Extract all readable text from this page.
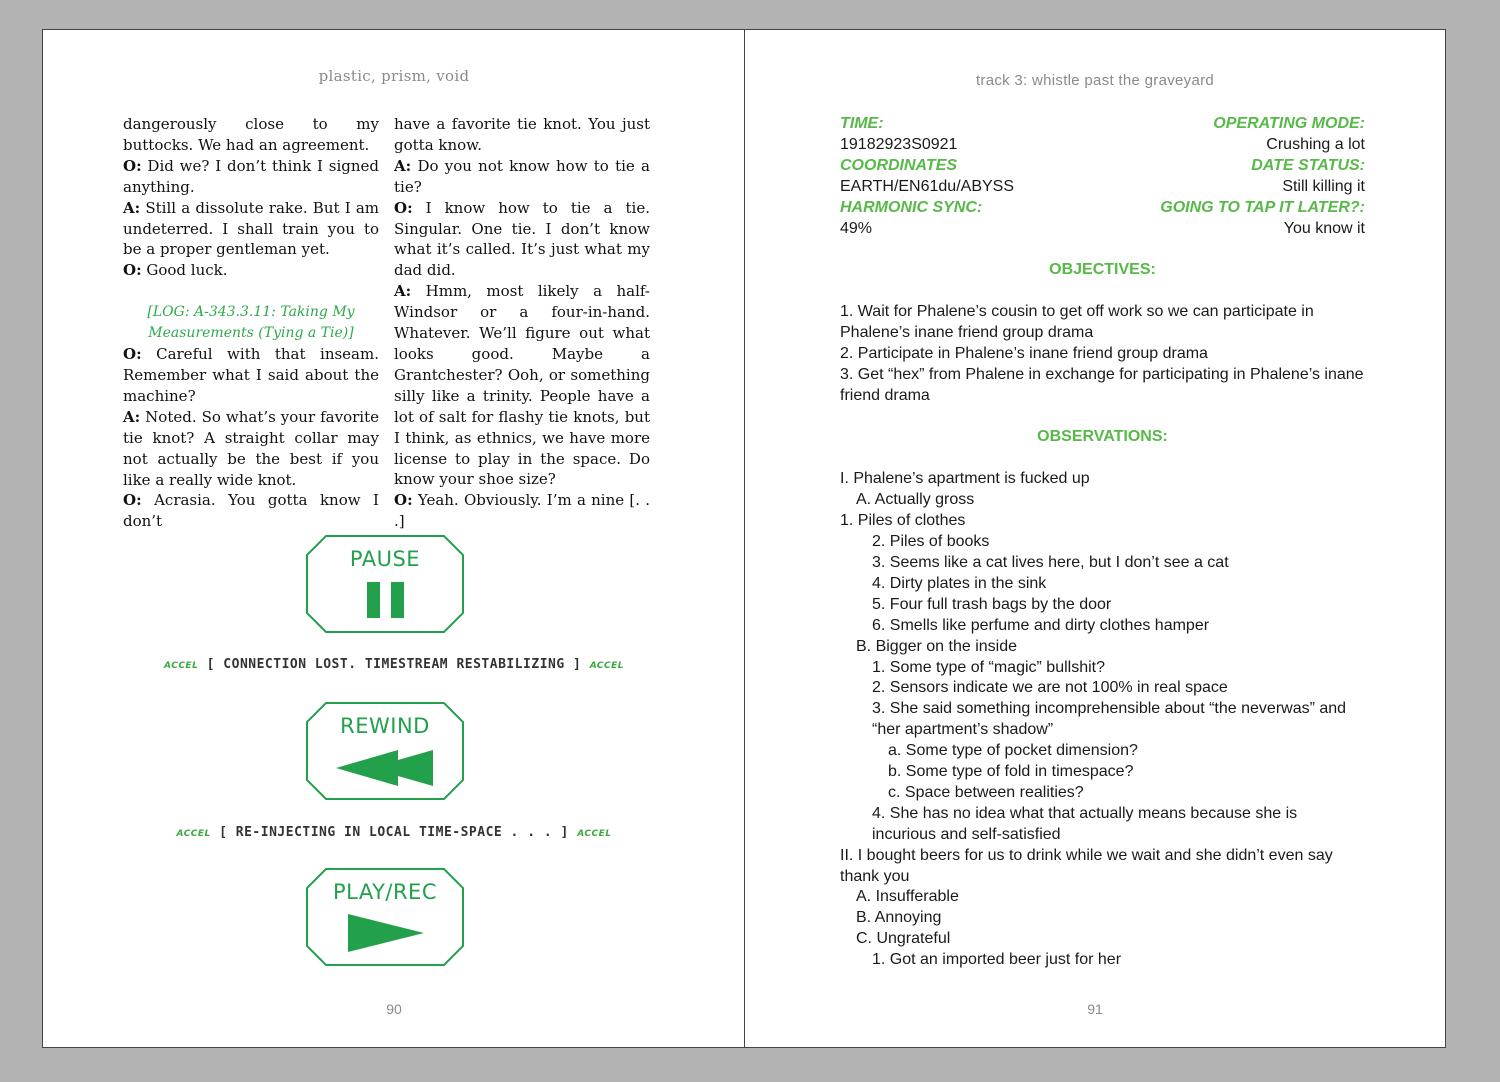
plastic, prism, void

dangerously close to my buttocks. We had an agreement.

O: Did we? I don’t think I signed anything.

A: Still a dissolute rake. But I am undeterred. I shall train you to be a proper gentleman yet.

O: Good luck.

[LOG: A-343.3.11: Taking My
Measurements (Tying a Tie)]

O: Careful with that inseam. Remember what I said about the machine?

A: Noted. So what’s your favorite tie knot? A straight collar may not actually be the best if you like a really wide knot.

O: Acrasia. You gotta know I don’t

have a favorite tie knot. You just gotta know.

A: Do you not know how to tie a tie?

O: I know how to tie a tie. Singular. One tie. I don’t know what it’s called. It’s just what my dad did.

A: Hmm, most likely a half-Windsor or a four-in-hand. Whatever. We’ll figure out what looks good. Maybe a Grantchester? Ooh, or something silly like a trinity. People have a lot of salt for flashy tie knots, but I think, as ethnics, we have more license to play in the space. Do know your shoe size?

O: Yeah. Obviously. I’m a nine [. . .]

PAUSE
ACCEL [ CONNECTION LOST. TIMESTREAM RESTABILIZING ] ACCEL
REWIND
ACCEL [ RE-INJECTING IN LOCAL TIME-SPACE . . . ] ACCEL
PLAY/REC
90
track 3: whistle past the graveyard
TIME:	OPERATING MODE:
19182923S0921	Crushing a lot
COORDINATES	DATE STATUS:
EARTH/EN61du/ABYSS	Still killing it
HARMONIC SYNC:	GOING TO TAP IT LATER?:
49%	You know it
OBJECTIVES:

1. Wait for Phalene’s cousin to get off work so we can participate in Phalene’s inane friend group drama

2. Participate in Phalene’s inane friend group drama

3. Get “hex” from Phalene in exchange for participating in Phalene’s inane friend drama

OBSERVATIONS:

I. Phalene’s apartment is fucked up

A. Actually gross

1. Piles of clothes

2. Piles of books

3. Seems like a cat lives here, but I don’t see a cat

4. Dirty plates in the sink

5. Four full trash bags by the door

6. Smells like perfume and dirty clothes hamper

B. Bigger on the inside

1. Some type of “magic” bullshit?

2. Sensors indicate we are not 100% in real space

3. She said something incomprehensible about “the neverwas” and “her apartment’s shadow”

a. Some type of pocket dimension?

b. Some type of fold in timespace?

c. Space between realities?

4. She has no idea what that actually means because she is incurious and self-satisfied

II. I bought beers for us to drink while we wait and she didn’t even say thank you

A. Insufferable

B. Annoying

C. Ungrateful

1. Got an imported beer just for her

91
